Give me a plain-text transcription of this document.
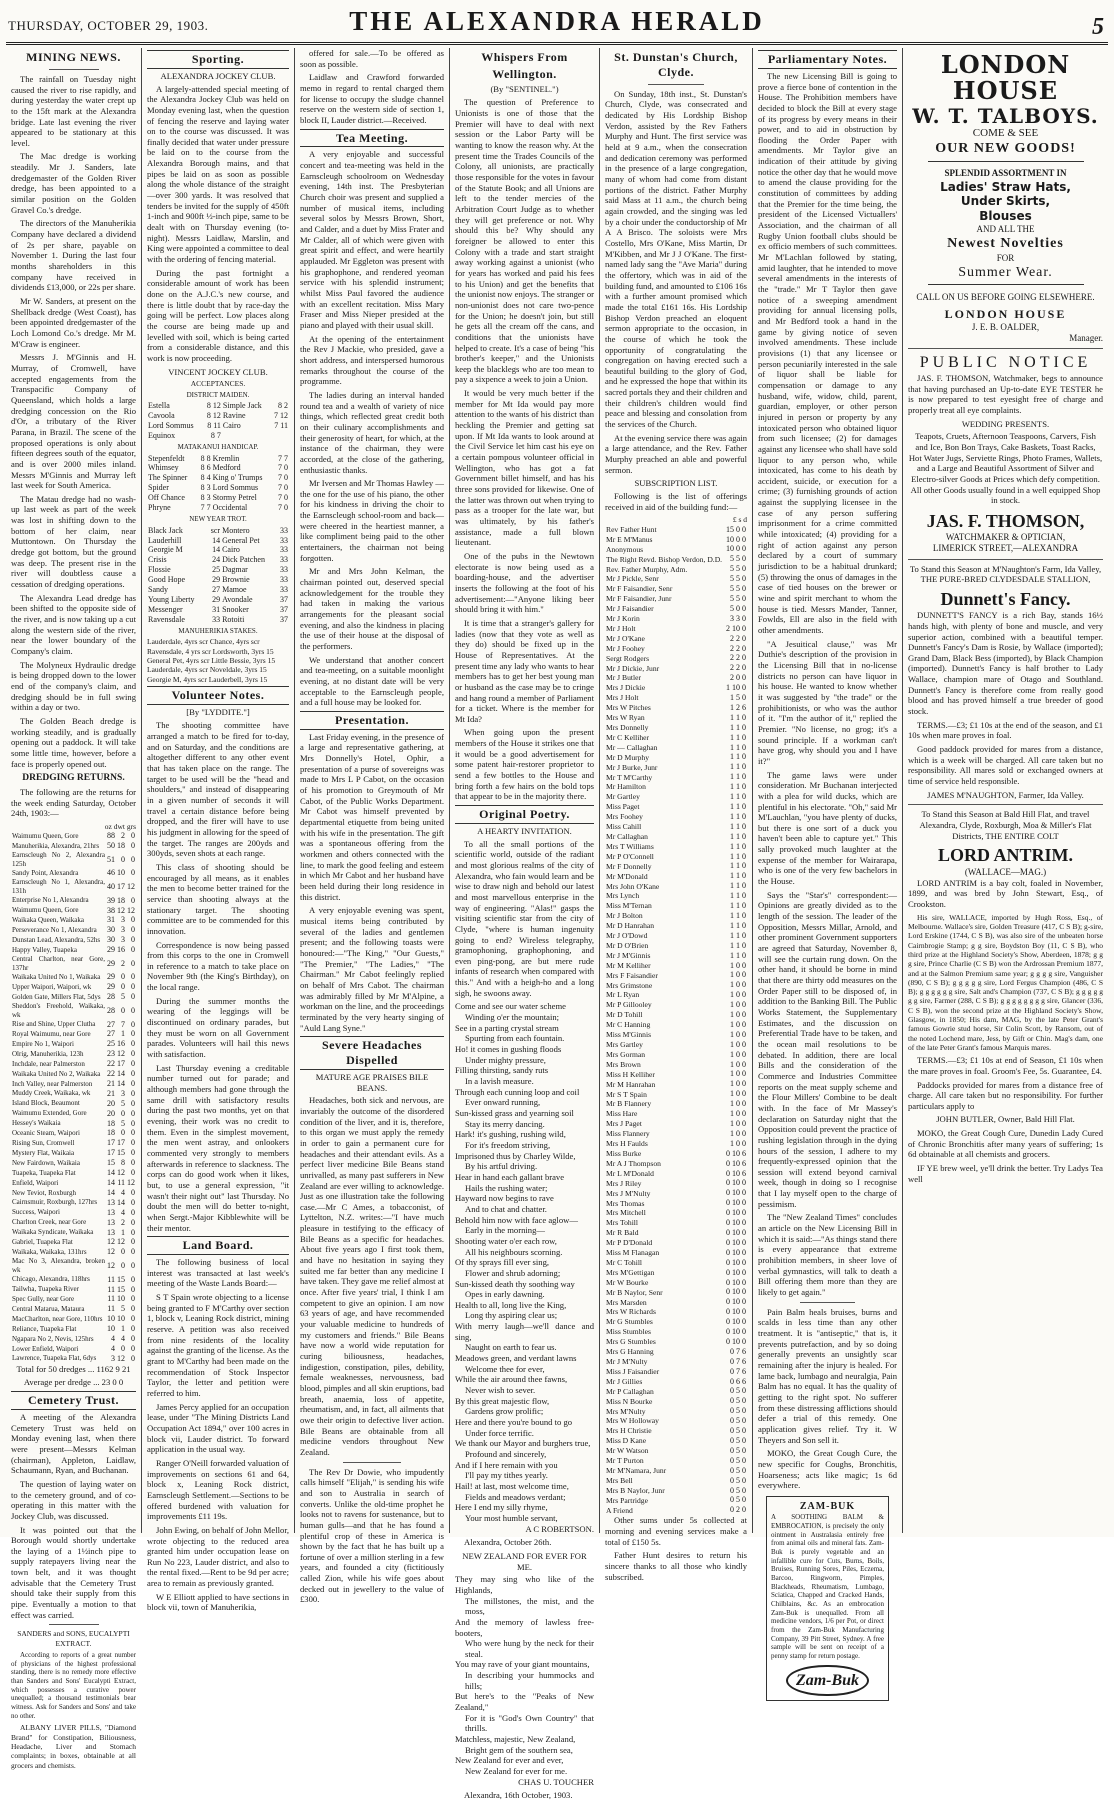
THURSDAY, OCTOBER 29, 1903.	THE ALEXANDRA HERALD	5
MINING NEWS.

The rainfall on Tuesday night caused the river to rise rapidly, and during yesterday the water crept up to the 15ft mark at the Alexandra bridge. Late last evening the river appeared to be stationary at this level.

The Mac dredge is working steadily. Mr J. Sanders, late dredgemaster of the Golden River dredge, has been appointed to a similar position on the Golden Gravel Co.'s dredge.

The directors of the Manuherikia Company have declared a dividend of 2s per share, payable on November 1. During the last four months shareholders in this company have received in dividends £13,000, or 22s per share.

Mr W. Sanders, at present on the Shellback dredge (West Coast), has been appointed dredgemaster of the Loch Lomond Co.'s dredge. Mr M. M'Craw is engineer.

Messrs J. M'Ginnis and H. Murray, of Cromwell, have accepted engagements from the Transpacific Company of Queensland, which holds a large dredging concession on the Rio d'Or, a tributary of the River Parana, in Brazil. The scene of the proposed operations is only about fifteen degrees south of the equator, and is over 2000 miles inland. Messrs M'Ginnis and Murray left last week for South America.

The Matau dredge had no wash-up last week as part of the week was lost in shifting down to the bottom of her claim, near Muttontown. On Thursday the dredge got bottom, but the ground was deep. The present rise in the river will doubtless cause a cessation of dredging operations.

The Alexandra Lead dredge has been shifted to the opposite side of the river, and is now taking up a cut along the western side of the river, near the lower boundary of the Company's claim.

The Molyneux Hydraulic dredge is being dropped down to the lower end of the company's claim, and dredging should be in full swing within a day or two.

The Golden Beach dredge is working steadily, and is gradually opening out a paddock. It will take some little time, however, before a face is properly opened out.

DREDGING RETURNS.

The following are the returns for the week ending Saturday, October 24th, 1903:—

oz dwt grs
Waimumu Queen, Gore	88	2	0
Manuherikia, Alexandra, 21hrs	50	18	0
Earnscleugh No 2, Alexandra 125h	51	0	0
Sandy Point, Alexandra	46	10	0
Earnscleugh No 1, Alexandra, 131h	40	17	12
Enterprise No 1, Alexandra	39	18	0
Waimumu Queen, Gore	38	12	12
Waikaka Queen, Waikaka	31	3	0
Perseverance No 1, Alexandra	30	3	0
Dunstan Lead, Alexandra, 52hs	30	3	0
Happy Valley, Tuapeka	29	16	0
Central Charlton, near Gore, 137hr	29	2	0
Waikaka United No 1, Waikaka	29	0	0
Upper Waipori, Waipori, wk	29	0	0
Golden Gate, Millers Flat, 5dys	28	5	0
Sheddon's Freehold, Waikaka, wk	28	0	0
Rise and Shine, Upper Clutha	27	7	0
Royal Waimumu, near Gore	27	1	0
Empire No 1, Waipori	25	16	0
Olrig, Manuherikia, 123h	23	12	0
Inchdale, near Palmerston	22	17	0
Waikaka United No 2, Waikaka	22	14	0
Inch Valley, near Palmerston	21	14	0
Muddy Creek, Waikaka, wk	21	3	0
Island Block, Beaumont	20	5	0
Waimumu Extended, Gore	20	0	0
Hessey's Waikaia	18	5	0
Oceanic Steam, Waipori	18	0	0
Rising Sun, Cromwell	17	17	0
Mystery Flat, Waikaia	17	15	0
New Fairdown, Waikaia	15	8	0
Tuapeka, Tuapeka Flat	14	12	0
Enfield, Waipori	14	11	12
New Teviot, Roxburgh	14	4	0
Cairnsmuir, Roxburgh, 127hrs	13	14	0
Success, Waipori	13	4	0
Charlton Creek, near Gore	13	2	0
Waikaka Syndicate, Waikaka	13	1	0
Gabriel, Tuapeka Flat	12	12	0
Waikaka, Waikaka, 131hrs	12	0	0
Mac No 3, Alexandra, broken wk	12	0	0
Chicago, Alexandra, 118hrs	11	15	0
Tailwha, Tuapeka River	11	15	0
Spec Gully, near Gore	11	10	0
Central Matarua, Mataura	11	5	0
MacCharlton, near Gore, 110hrs	10	10	0
Reliance, Tuapeka Flat	10	1	0
Ngapara No 2, Nevis, 125hrs	4	4	0
Lower Enfield, Waipori	4	0	0
Lawrence, Tuapeka Flat, 6dys	3	12	0

Total for 50 dredges ... 1162 9 21

Average per dredge ... 23 0 0

Cemetery Trust.

A meeting of the Alexandra Cemetery Trust was held on Monday evening last, when there were present—Messrs Kelman (chairman), Appleton, Laidlaw, Schaumann, Ryan, and Buchanan.

The question of laying water on to the cemetery ground, and of co-operating in this matter with the Jockey Club, was discussed.

It was pointed out that the Borough would shortly undertake the laying of a 1½inch pipe to supply ratepayers living near the town belt, and it was thought advisable that the Cemetery Trust should take their supply from this pipe. Eventually a motion to that effect was carried.

SANDERS and SONS, EUCALYPTI EXTRACT.

According to reports of a great number of physicians of the highest professional standing, there is no remedy more effective than Sanders and Sons' Eucalypti Extract, which possesses a curative power unequalled; a thousand testimonials bear witness. Ask for Sanders and Sons' and take no other.

ALBANY LIVER PILLS, "Diamond Brand" for Constipation, Biliousness, Headache, Liver and Stomach complaints; in boxes, obtainable at all grocers and chemists.

Sporting.
ALEXANDRA JOCKEY CLUB.

A largely-attended special meeting of the Alexandra Jockey Club was held on Monday evening last, when the question of fencing the reserve and laying water on to the course was discussed. It was finally decided that water under pressure be laid on to the course from the Alexandra Borough mains, and that pipes be laid on as soon as possible along the whole distance of the straight—over 300 yards. It was resolved that tenders be invited for the supply of 450ft 1-inch and 900ft ½-inch pipe, same to be dealt with on Thursday evening (to-night). Messrs Laidlaw, Marslin, and King were appointed a committee to deal with the ordering of fencing material.

During the past fortnight a considerable amount of work has been done on the A.J.C.'s new course, and there is little doubt that by race-day the going will be perfect. Low places along the course are being made up and levelled with soil, which is being carted from a considerable distance, and this work is now proceeding.

VINCENT JOCKEY CLUB.
ACCEPTANCES.
DISTRICT MAIDEN.
Estella	8 12	Simple Jack	8 2
Cavoola	8 12	Ravine	7 12
Lord Sommus	8 11	Cairo	7 11
Equinox	8 7		
MATAKANUI HANDICAP.
Stepenfeldt	8 8	Kremlin	7 7
Whimsey	8 6	Medford	7 0
The Spinner	8 4	King o' Trumps	7 0
Spider	8 3	Lord Sommus	7 0
Off Chance	8 3	Stormy Petrel	7 0
Phryne	7 7	Occidental	7 0
NEW YEAR TROT.
Black Jack	scr	Montero	33
Lauderhill	14	General Pet	33
Georgie M	14	Cairo	33
Crisis	24	Dick Patchen	33
Flossie	25	Dagmar	33
Good Hope	29	Brownie	33
Sandy	27	Mamoe	33
Young Liberty	29	Avondale	37
Messenger	31	Snooker	37
Ravensdale	33	Rotoiti	37
MANUHERIKIA STAKES.
Lauderdale, 4yrs scr Chance, 4yrs scr
Ravensdale, 4 yrs scr Lordsworth, 3yrs 15
General Pet, 4yrs scr Little Bessie, 3yrs 15
Lauderdale, 4yrs scr Noveldale, 3yrs 15
Georgie M, 4yrs scr Lauderbell, 3yrs 15
Volunteer Notes.

[By "LYDDITE."]

The shooting committee have arranged a match to be fired for to-day, and on Saturday, and the conditions are altogether different to any other event that has taken place on the range. The target to be used will be the "head and shoulders," and instead of disappearing in a given number of seconds it will travel a certain distance before being dropped, and the firer will have to use his judgment in allowing for the speed of the target. The ranges are 200yds and 300yds, seven shots at each range.

This class of shooting should be encouraged by all means, as it enables the men to become better trained for the service than shooting always at the stationary target. The shooting committee are to be commended for this innovation.

Correspondence is now being passed from this corps to the one in Cromwell in reference to a match to take place on November 9th (the King's Birthday), on the local range.

During the summer months the wearing of the leggings will be discontinued on ordinary parades, but they must be worn on all Government parades. Volunteers will hail this news with satisfaction.

Last Thursday evening a creditable number turned out for parade; and although members had gone through the same drill with satisfactory results during the past two months, yet on that evening, their work was no credit to them. Even in the simplest movement, the men went astray, and onlookers commented very strongly to members afterwards in reference to slackness. The corps can do good work when it likes, but, to use a general expression, "it wasn't their night out" last Thursday. No doubt the men will do better to-night, when Sergt.-Major Kibblewhite will be their mentor.

Land Board.

The following business of local interest was transacted at last week's meeting of the Waste Lands Board:—

S T Spain wrote objecting to a license being granted to F M'Carthy over section 1, block v, Leaning Rock district, mining reserve. A petition was also received from nine residents of the locality against the granting of the license. As the grant to M'Carthy had been made on the recommendation of Stock Inspector Taylor, the letter and petition were referred to him.

James Percy applied for an occupation lease, under "The Mining Districts Land Occupation Act 1894," over 100 acres in block vii, Lauder district. To forward application in the usual way.

Ranger O'Neill forwarded valuation of improvements on sections 61 and 64, block x, Leaning Rock district, Earnscleugh Settlement.—Sections to be offered burdened with valuation for improvements £11 19s.

John Ewing, on behalf of John Mellor, wrote objecting to the reduced area granted him under occupation lease on Run No 223, Lauder district, and also to the rental fixed.—Rent to be 9d per acre; area to remain as previously granted.

W E Elliott applied to have sections in block vii, town of Manuherikia,

offered for sale.—To be offered as soon as possible.

Laidlaw and Crawford forwarded memo in regard to rental charged them for license to occupy the sludge channel reserve on the western side of section 1, block II, Lauder district.—Received.

Tea Meeting.

A very enjoyable and successful concert and tea-meeting was held in the Earnscleugh schoolroom on Wednesday evening, 14th inst. The Presbyterian Church choir was present and supplied a number of musical items, including several solos by Messrs Brown, Short, and Calder, and a duet by Miss Frater and Mr Calder, all of which were given with great spirit and effect, and were heartily applauded. Mr Eggleton was present with his graphophone, and rendered yeoman service with his splendid instrument; whilst Miss Paul favored the audience with an excellent recitation. Miss Mary Fraser and Miss Nieper presided at the piano and played with their usual skill.

At the opening of the entertainment the Rev J Mackie, who presided, gave a short address, and interspersed humorous remarks throughout the course of the programme.

The ladies during an interval handed round tea and a wealth of variety of nice things, which reflected great credit both on their culinary accomplishments and their generosity of heart, for which, at the instance of the chairman, they were accorded, at the close of the gathering, enthusiastic thanks.

Mr Iversen and Mr Thomas Hawley —the one for the use of his piano, the other for his kindness in driving the choir to the Earnscleugh school-room and back—were cheered in the heartiest manner, a like compliment being paid to the other entertainers, the chairman not being forgotten.

Mr and Mrs John Kelman, the chairman pointed out, deserved special acknowledgement for the trouble they had taken in making the various arrangements for the pleasant social evening, and also the kindness in placing the use of their house at the disposal of the performers.

We understand that another concert and tea-meeting, on a suitable moonlight evening, at no distant date will be very acceptable to the Earnscleugh people, and a full house may be looked for.

Presentation.

Last Friday evening, in the presence of a large and representative gathering, at Mrs Donnelly's Hotel, Ophir, a presentation of a purse of sovereigns was made to Mrs L P Cabot, on the occasion of his promotion to Greymouth of Mr Cabot, of the Public Works Department. Mr Cabot was himself prevented by departmental etiquette from being united with his wife in the presentation. The gift was a spontaneous offering from the workmen and others connected with the line, to mark the good feeling and esteem in which Mr Cabot and her husband have been held during their long residence in this district.

A very enjoyable evening was spent, musical items being contributed by several of the ladies and gentlemen present; and the following toasts were honoured:—"The King," "Our Guests," "The Premier," "The Ladies," "The Chairman." Mr Cabot feelingly replied on behalf of Mrs Cabot. The chairman was admirably filled by Mr M'Alpine, a workman on the line, and the proceedings terminated by the very hearty singing of "Auld Lang Syne."

Severe Headaches Dispelled
MATURE AGE PRAISES BILE BEANS.

Headaches, both sick and nervous, are invariably the outcome of the disordered condition of the liver, and it is, therefore, to this organ we must apply the remedy in order to gain a permanent cure for headaches and their attendant evils. As a perfect liver medicine Bile Beans stand unrivalled, as many past sufferers in New Zealand are ever willing to acknowledge. Just as one illustration take the following case.—Mr C Ames, a tobacconist, of Lyttelton, N.Z. writes:—"I have much pleasure in testifying to the efficacy of Bile Beans as a specific for headaches. About five years ago I first took them, and have no hesitation in saying they suited me far better than any medicine I have taken. They gave me relief almost at once. After five years' trial, I think I am competent to give an opinion. I am now 63 years of age, and have recommended your valuable medicine to hundreds of my customers and friends." Bile Beans have now a world wide reputation for curing biliousness, headaches, indigestion, constipation, piles, debility, female weaknesses, nervousness, bad blood, pimples and all skin eruptions, bad breath, anaemia, loss of appetite, rheumatism, and, in fact, all ailments that owe their origin to defective liver action. Bile Beans are obtainable from all medicine vendors throughout New Zealand.

The Rev Dr Dowie, who impudently calls himself "Elijah," is sending his wife and son to Australia in search of converts. Unlike the old-time prophet he looks not to ravens for sustenance, but to human gulls—and that he has found a plentiful crop of these in America is shown by the fact that he has built up a fortune of over a million sterling in a few years, and founded a city (fictitiously called Zion, while his wife goes about decked out in jewellery to the value of £300.

Whispers From
Wellington.

(By "SENTINEL.")

The question of Preference to Unionists is one of those that the Premier will have to deal with next session or the Labor Party will be wanting to know the reason why. At the present time the Trades Councils of the Colony, all unionists, are practically those responsible for the votes in favour of the Statute Book; and all Unions are left to the tender mercies of the Arbitration Court Judge as to whether they will get preference or not. Why should this be? Why should any foreigner be allowed to enter this Colony with a trade and start straight away working against a unionist (who for years has worked and paid his fees to his Union) and get the benefits that the unionist now enjoys. The stranger or non-unionist does not care two-pence for the Union; he doesn't join, but still he gets all the cream off the cans, and conditions that the unionists have helped to create. It's a case of being "his brother's keeper," and the Unionists keep the blacklegs who are too mean to pay a sixpence a week to join a Union.

It would be very much better if the member for Mt Ida would pay more attention to the wants of his district than heckling the Premier and getting sat upon. If Mt Ida wants to look around at the Civil Service let him cast his eye on a certain pompous volunteer official in Wellington, who has got a fat Government billet himself, and has his three sons provided for likewise. One of the latter was thrown out when trying to pass as a trooper for the late war, but was ultimately, by his father's assistance, made a full blown lieutenant.

One of the pubs in the Newtown electorate is now being used as a boarding-house, and the advertiser inserts the following at the foot of his advertisement:—"Anyone liking beer should bring it with him."

It is time that a stranger's gallery for ladies (now that they vote as well as they do) should be fixed up in the House of Representatives. At the present time any lady who wants to hear members has to get her best young man or husband as the case may be to cringe and hang round a member of Parliament for a ticket. Where is the member for Mt Ida?

When going upon the present members of the House it strikes one that it would be a good advertisement for some patent hair-restorer proprietor to send a few bottles to the House and bring forth a few hairs on the bold tops that appear to be in the majority there.

Original Poetry.
A HEARTY INVITATION.

To all the small portions of the scientific world, outside of the radiant and most glorious realms of the city of Alexandra, who fain would learn and be wise to draw nigh and behold our latest and most marvellous enterprise in the way of engineering. "Alas!" gasps the visiting scientific star from the city of Clyde, "where is human ingenuity going to end? Wireless telegraphy, gramophoning, graphophoning, and even ping-pong, are but mere rude infants of research when compared with this." And with a heigh-ho and a long sigh, he swoons away.

Come and see our water scheme

Winding o'er the mountain;

See in a parting crystal stream

Spurting from each fountain.

Ho! it comes in gushing floods

Under mighty pressure,

Filling thirsting, sandy ruts

In a lavish measure.

Through each cunning loop and coil

Ever onward running,

Sun-kissed grass and yearning soil

Stay its merry dancing.

Hark! it's gushing, rushing wild,

For it's freedom striving,

Imprisoned thus by Charley Wilde,

By his artful driving.

Hear in hand each gallant brave

Hails the rushing water;

Hayward now begins to rave

And to chat and chatter.

Behold him now with face aglow—

Early in the morning—

Shooting water o'er each row,

All his neighbours scorning.

Of thy sprays fill ever sing,

Flower and shrub adorning;

Sun-kissed death thy soothing way

Opes in early dawning.

Health to all, long live the King,

Long thy aspiring clear us;

With merry laugh—we'll dance and sing,

Naught on earth to fear us.

Meadows green, and verdant lawns

Welcome thee for ever,

While the air around thee fawns,

Never wish to sever.

By this great majestic flow,

Gardens grow prolific;

Here and there you're bound to go

Under force terrific.

We thank our Mayor and burghers true,

Profound and sincerely,

And if I here remain with you

I'll pay my tithes yearly.

Hail! at last, most welcome time,

Fields and meadows verdant;

Here I end my silly rhyme,

Your most humble servant,

A C ROBERTSON.

Alexandra, October 26th.

NEW ZEALAND FOR EVER FOR ME.

They may sing who like of the Highlands,

The millstones, the mist, and the moss,

And the memory of lawless free-booters,

Who were hung by the neck for their steal.

You may rave of your giant mountains,

In describing your hummocks and hills;

But here's to the "Peaks of New Zealand,"

For it is "God's Own Country" that thrills.

Matchless, majestic, New Zealand,

Bright gem of the southern sea,

New Zealand for ever and ever,

New Zealand for ever for me.

CHAS U. TOUCHER

Alexandra, 16th October, 1903.

St. Dunstan's Church,
Clyde.

On Sunday, 18th inst., St. Dunstan's Church, Clyde, was consecrated and dedicated by His Lordship Bishop Verdon, assisted by the Rev Fathers Murphy and Hunt. The first service was held at 9 a.m., when the consecration and dedication ceremony was performed in the presence of a large congregation, many of whom had come from distant portions of the district. Father Murphy said Mass at 11 a.m., the church being again crowded, and the singing was led by a choir under the conductorship of Mr A A Brisco. The soloists were Mrs Costello, Mrs O'Kane, Miss Martin, Dr M'Kibben, and Mr J J O'Kane. The first-named lady sang the "Ave Maria" during the offertory, which was in aid of the building fund, and amounted to £106 16s with a further amount promised which made the total £161 16s. His Lordship Bishop Verdon preached an eloquent sermon appropriate to the occasion, in the course of which he took the opportunity of congratulating the congregation on having erected such a beautiful building to the glory of God, and he expressed the hope that within its sacred portals they and their children and their children's children would find peace and blessing and consolation from the services of the Church.

At the evening service there was again a large attendance, and the Rev. Father Murphy preached an able and powerful sermon.

SUBSCRIPTION LIST.

Following is the list of offerings received in aid of the building fund:—

£ s d
Rev Father Hunt	15 0 0
Mr E M'Manus	10 0 0
Anonymous	10 0 0
The Right Revd. Bishop Verdon, D.D.	5 5 0
Rev. Father Murphy, Adm.	5 5 0
Mr J Pickle, Senr	5 5 0
Mr F Faisandier, Senr	5 5 0
Mr F Faisandier, Junr	5 5 0
Mr J Faisandier	5 0 0
Mr J Korin	3 3 0
Mr J Holt	2 10 0
Mr J O'Kane	2 2 0
Mr J Foohey	2 2 0
Sergt Rodgers	2 2 0
Mr J Dickie, Junr	2 2 0
Mr J Butler	2 0 0
Mrs J Dickie	1 10 0
Mrs J Holt	1 5 0
Mrs W Pitches	1 2 6
Mrs W Ryan	1 1 0
Mrs Donnelly	1 1 0
Mr C Kelliher	1 1 0
Mr — Callaghan	1 1 0
Mr D Murphy	1 1 0
Mr J Burke, Junr	1 1 0
Mr T M'Carthy	1 1 0
Mr Hamilton	1 1 0
Mr Gartley	1 1 0
Miss Paget	1 1 0
Mrs Foohey	1 1 0
Miss Cahill	1 1 0
Mr Callaghan	1 1 0
Mrs T Williams	1 1 0
Mr P O'Connell	1 1 0
Mr F Donnelly	1 1 0
Mr M'Donald	1 1 0
Mrs John O'Kane	1 1 0
Mrs Lynch	1 1 0
Miss M'Ternan	1 1 0
Mr J Bolton	1 1 0
Mr D Hanrahan	1 1 0
Mr J O'Dowd	1 1 0
Mr D O'Brien	1 1 0
Mr J M'Ginnis	1 1 0
Mr M Kelliher	1 0 0
Mrs F Faisandier	1 0 0
Mrs Grimstone	1 0 0
Mr L Ryan	1 0 0
Mr P Gillooley	1 0 0
Mr D Tohill	1 0 0
Mr C Hanning	1 0 0
Miss M'Ginnis	1 0 0
Mrs Gartley	1 0 0
Mrs Gorman	1 0 0
Mrs Brown	1 0 0
Miss H Kelliher	1 0 0
Mr M Hanrahan	1 0 0
Mr S T Spain	1 0 0
Mr B Flannery	1 0 0
Miss Hare	1 0 0
Mrs J Paget	1 0 0
Miss Flannery	1 0 0
Mrs H Faulds	1 0 0
Miss Burke	0 10 6
Mr A J Thompson	0 10 6
Mr L M'Donald	0 10 6
Mrs J Riley	0 10 0
Mrs J M'Nulty	0 10 0
Mrs Thomas	0 10 0
Mrs Mitchell	0 10 0
Mrs Tohill	0 10 0
Mr R Bald	0 10 0
Mr P D'Donald	0 10 0
Miss M Flanagan	0 10 0
Mr C Tohill	0 10 0
Mrs M'Gettigan	0 10 0
Mr W Bourke	0 10 0
Mr B Naylor, Senr	0 10 0
Mrs Marsden	0 10 0
Mrs W Richards	0 10 0
Mr G Stumbles	0 10 0
Miss Stumbles	0 10 0
Mrs G Stumbles	0 10 0
Mrs G Hanning	0 7 6
Mr J M'Nulty	0 7 6
Miss J Faisandier	0 7 6
Mr J Gillies	0 6 6
Mr P Callaghan	0 5 0
Miss N Bourke	0 5 0
Mrs M'Nulty	0 5 0
Mrs W Holloway	0 5 0
Mrs H Christie	0 5 0
Miss D Kane	0 5 0
Mr W Watson	0 5 0
Mr T Purton	0 5 0
Mr M'Namara, Junr	0 5 0
Mrs Bell	0 5 0
Mrs B Naylor, Junr	0 5 0
Mrs Partridge	0 5 0
A Friend	0 2 0

Other sums under 5s collected at morning and evening services make a total of £150 5s.

Father Hunt desires to return his sincere thanks to all those who kindly subscribed.

Parliamentary Notes.

The new Licensing Bill is going to prove a fierce bone of contention in the House. The Prohibition members have decided to block the Bill at every stage of its progress by every means in their power, and to aid in obstruction by flooding the Order Paper with amendments. Mr Taylor give an indication of their attitude by giving notice the other day that he would move to amend the clause providing for the constitution of committees by adding that the Premier for the time being, the president of the Licensed Victuallers' Association, and the chairman of all Rugby Union football clubs should be ex officio members of such committees. Mr M'Lachlan followed by stating, amid laughter, that he intended to move several amendments in the interests of the "trade." Mr T Taylor then gave notice of a sweeping amendment providing for annual licensing polls, and Mr Bedford took a hand in the game by giving notice of seven involved amendments. These include provisions (1) that any licensee or person pecuniarily interested in the sale of liquor shall be liable for compensation or damage to any husband, wife, widow, child, parent, guardian, employer, or other person injured in person or property by any intoxicated person who obtained liquor from such licensee; (2) for damages against any licensee who shall have sold liquor to any person who, while intoxicated, has come to his death by accident, suicide, or execution for a crime; (3) furnishing grounds of action against the supplying licensee in the case of any person suffering imprisonment for a crime committed while intoxicated; (4) providing for a right of action against any person declared by a court of summary jurisdiction to be a habitual drunkard; (5) throwing the onus of damages in the case of tied houses on the brewer or wine and spirit merchant to whom the house is tied. Messrs Mander, Tanner, Fowlds, Ell are also in the field with other amendments.

"A Jesuitical clause," was Mr Duthie's description of the provision in the Licensing Bill that in no-license districts no person can have liquor in his house. He wanted to know whether it was suggested by "the trade" or the prohibitionists, or who was the author of it. "I'm the author of it," replied the Premier. "No license, no grog; it's a sound principle. If a workman can't have grog, why should you and I have it?"

The game laws were under consideration. Mr Buchanan interjected with a plea for wild ducks, which are plentiful in his electorate. "Oh," said Mr M'Lauchlan, "you have plenty of ducks, but there is one sort of a duck you haven't been able to capture yet." This sally provoked much laughter at the expense of the member for Wairarapa, who is one of the very few bachelors in the House.

Says the "Star's" correspondent:—Opinions are greatly divided as to the length of the session. The leader of the Opposition, Messrs Millar, Arnold, and other prominent Government supporters are agreed that Saturday, November 8, will see the curtain rung down. On the other hand, it should be borne in mind that there are thirty odd measures on the Order Paper still to be disposed of, in addition to the Banking Bill. The Public Works Statement, the Supplementary Estimates, and the discussion on Preferential Trade have to be taken, and the ocean mail resolutions to be debated. In addition, there are local Bills and the consideration of the Commerce and Industries Committee reports on the meat supply scheme and the Flour Millers' Combine to be dealt with. In the face of Mr Massey's declaration on Saturday night that the Opposition could prevent the practice of rushing legislation through in the dying hours of the session, I adhere to my frequently-expressed opinion that the session will extend beyond carnival week, though in doing so I recognise that I lay myself open to the charge of pessimism.

The "New Zealand Times" concludes an article on the New Licensing Bill in which it is said:—"As things stand there is every appearance that extreme prohibition members, in sheer love of verbal gymnastics, will talk to death a Bill offering them more than they are likely to get again."

Pain Balm heals bruises, burns and scalds in less time than any other treatment. It is "antiseptic," that is, it prevents putrefaction, and by so doing generally prevents an unsightly scar remaining after the injury is healed. For lame back, lumbago and neuralgia, Pain Balm has no equal. It has the quality of getting to the right spot. No sufferer from these distressing afflictions should defer a trial of this remedy. One application gives relief. Try it. W Theyers and Son sell it.

MOKO, the Great Cough Cure, the new specific for Coughs, Bronchitis, Hoarseness; acts like magic; 1s 6d everywhere.

ZAM-BUK
A SOOTHING BALM & EMBROCATION, is precisely the only ointment in Australasia entirely free from animal oils and mineral fats. Zam-Buk is purely vegetable and an infallible cure for Cuts, Burns, Boils, Bruises, Running Sores, Piles, Eczema, Barcoo, Ringworm, Pimples, Blackheads, Rheumatism, Lumbago, Sciatica, Chapped and Cracked Hands, Chilblains, &c. As an embrocation Zam-Buk is unequalled. From all medicine vendors, 1/6 per Pot, or direct from the Zam-Buk Manufacturing Company, 39 Pitt Street, Sydney. A free sample will be sent on receipt of a penny stamp for return postage.
Zam-Buk
LONDON HOUSE
W. T. TALBOYS.
COME & SEE
OUR NEW GOODS!
SPLENDID ASSORTMENT IN
Ladies' Straw Hats,
Under Skirts,
Blouses
AND ALL THE
Newest Novelties
FOR
Summer Wear.
CALL ON US BEFORE GOING ELSEWHERE.
LONDON HOUSE
J. E. B. OALDER,
Manager.
PUBLIC NOTICE

JAS. F. THOMSON, Watchmaker, begs to announce that having purchased an Up-to-date EYE TESTER he is now prepared to test eyesight free of charge and properly treat all eye complaints.

WEDDING PRESENTS.

Teapots, Cruets, Afternoon Teaspoons, Carvers, Fish and Ice, Bon Bon Trays, Cake Baskets, Toast Racks, Hot Water Jugs, Serviette Rings, Photo Frames, Wallets, and a Large and Beautiful Assortment of Silver and Electro-silver Goods at Prices which defy competition. All other Goods usually found in a well equipped Shop in stock.

JAS. F. THOMSON,
WATCHMAKER & OPTICIAN,
LIMERICK STREET,—ALEXANDRA

To Stand this Season at M'Naughton's Farm, Ida Valley, THE PURE-BRED CLYDESDALE STALLION,

Dunnett's Fancy.

DUNNETT'S FANCY is a rich Bay, stands 16½ hands high, with plenty of bone and muscle, and very superior action, combined with a beautiful temper. Dunnett's Fancy's Dam is Rosie, by Wallace (imported); Grand Dam, Black Bess (imported), by Black Champion (imported). Dunnett's Fancy is half brother to Lady Wallace, champion mare of Otago and Southland. Dunnett's Fancy is therefore come from really good blood and has proved himself a true breeder of good stock.

TERMS.—£3; £1 10s at the end of the season, and £1 10s when mare proves in foal.

Good paddock provided for mares from a distance, which is a week will be charged. All care taken but no responsibility. All mares sold or exchanged owners at time of service held responsible.

JAMES M'NAUGHTON, Farmer, Ida Valley.

To Stand this Season at Bald Hill Flat, and travel Alexandra, Clyde, Roxburgh, Moa & Miller's Flat Districts, THE ENTIRE COLT

LORD ANTRIM.
(WALLACE—MAG.)

LORD ANTRIM is a bay colt, foaled in November, 1899, and was bred by John Stewart, Esq., of Crookston.

His sire, WALLACE, imported by Hugh Ross, Esq., of Melbourne. Wallace's sire, Golden Treasure (417, C S B); g-sire, Lord Erskine (1744, C S B), was also sire of the unbeaten horse Cairnbrogie Stamp; g g sire, Boydston Boy (11, C S B), who third prize at the Highland Society's Show, Aberdeen, 1878; g g g sire, Prince Charlie (C S B) won the Ardrossan Premium 1877, and at the Salmon Premium same year; g g g g sire, Vanguisher (890, C S B); g g g g g sire, Lord Fergus Champion (486, C S B); g g g g g g sire, Salt and's Champion (737, C S B); g g g g g g g sire, Farmer (288, C S B); g g g g g g g g sire, Glancer (336, C S B), won the second prize at the Highland Society's Show, Glasgow, in 1850; His dam, MAG, by the late Peter Grant's famous Gowrie stud horse, Sir Colin Scott, by Ransom, out of the noted Lochend mare, Jess, by Gift or Chin. Mag's dam, one of the late Peter Grant's famous Marquis mares.

TERMS.—£3; £1 10s at end of Season, £1 10s when the mare proves in foal. Groom's Fee, 5s. Guarantee, £4.

Paddocks provided for mares from a distance free of charge. All care taken but no responsibility. For further particulars apply to

JOHN BUTLER, Owner, Bald Hill Flat.

MOKO, the Great Cough Cure, Dunedin Lady Cured of Chronic Bronchitis after many years of suffering; 1s 6d obtainable at all chemists and grocers.

IF YE brew weel, ye'll drink the better. Try Ladys Tea well
